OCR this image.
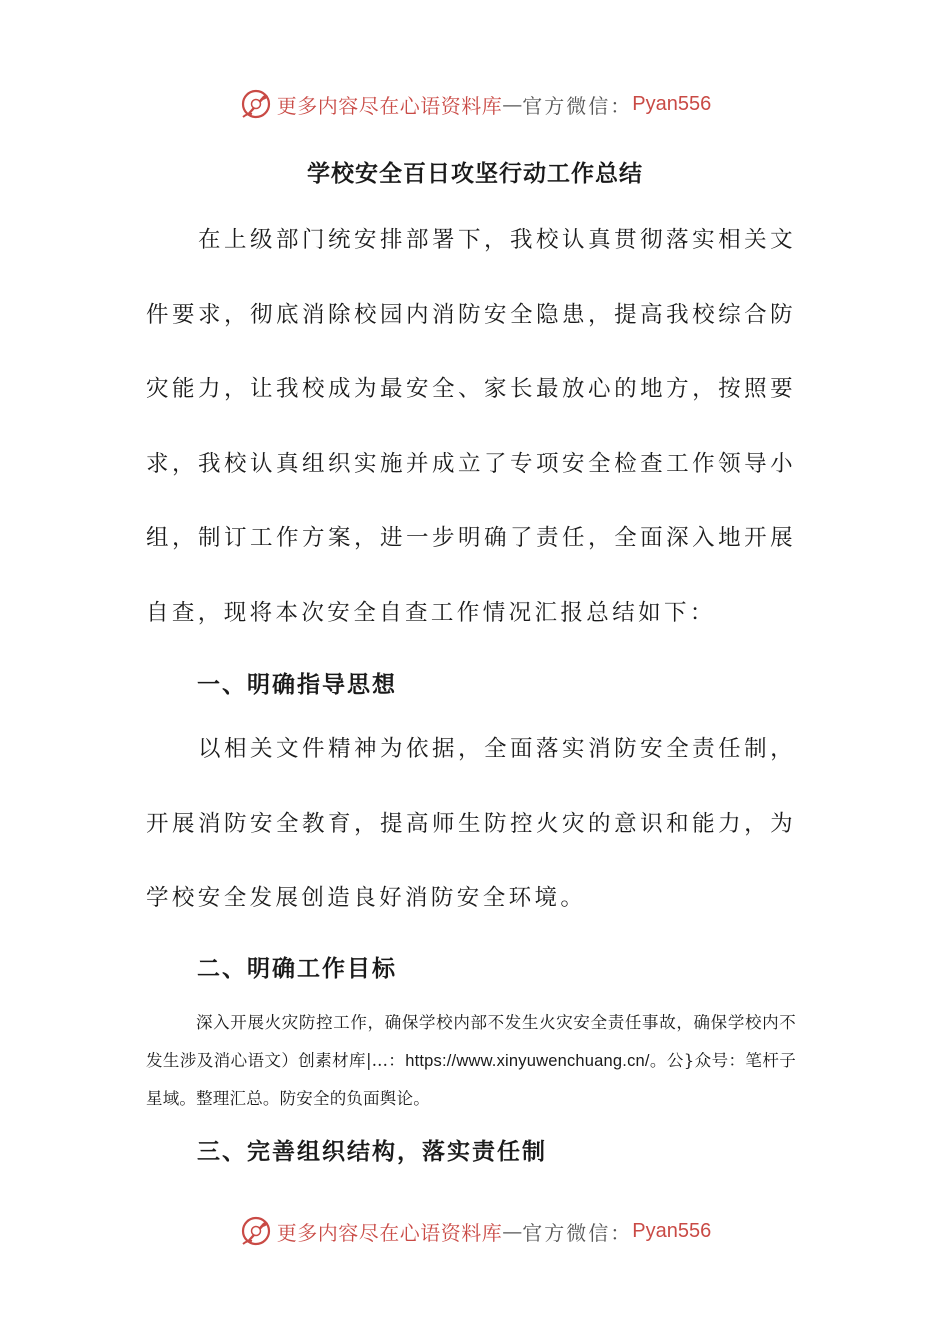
更多内容尽在心语资料库 — 官方微信： Pyan556
学校安全百日攻坚行动工作总结

在上级部门统安排部署下，我校认真贯彻落实相关文件要求，彻底消除校园内消防安全隐患，提高我校综合防灾能力，让我校成为最安全、家长最放心的地方，按照要求，我校认真组织实施并成立了专项安全检查工作领导小组，制订工作方案，进一步明确了责任，全面深入地开展自查，现将本次安全自查工作情况汇报总结如下：

一、明确指导思想

以相关文件精神为依据，全面落实消防安全责任制，开展消防安全教育，提高师生防控火灾的意识和能力，为学校安全发展创造良好消防安全环境。

二、明确工作目标

深入开展火灾防控工作，确保学校内部不发生火灾安全责任事故，确保学校内不发生涉及消心语文）创素材库|...：https://www.xinyuwenchuang.cn/。公}众号：笔杆子星域。整理汇总。防安全的负面舆论。

三、完善组织结构，落实责任制
更多内容尽在心语资料库 — 官方微信： Pyan556
